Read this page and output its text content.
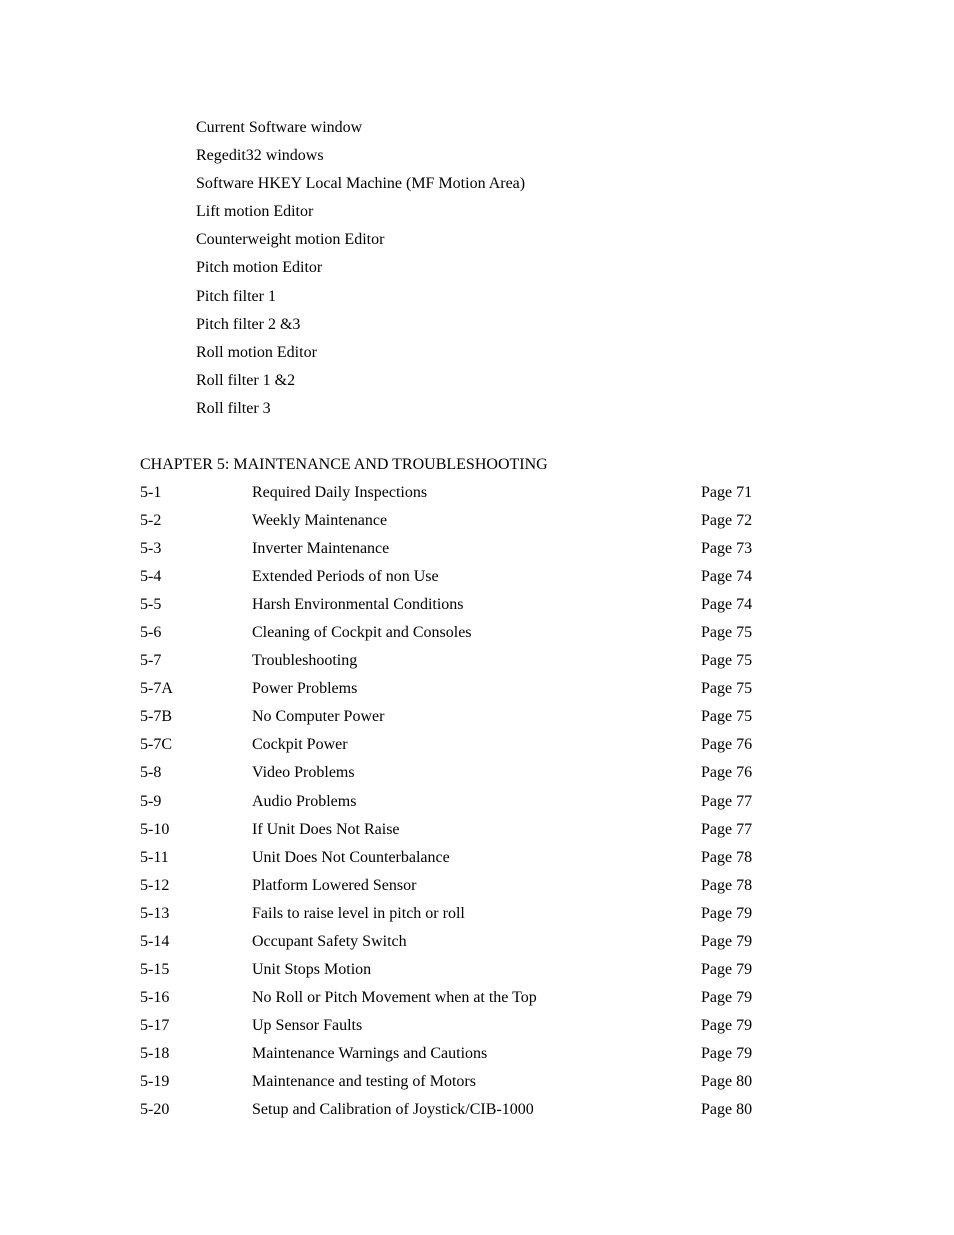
Current Software window
Regedit32 windows
Software HKEY Local Machine (MF Motion Area)
Lift motion Editor
Counterweight motion Editor
Pitch motion Editor
Pitch filter 1
Pitch filter 2 &3
Roll motion Editor
Roll filter 1 &2
Roll filter 3
CHAPTER 5: MAINTENANCE AND TROUBLESHOOTING
5-1	Required Daily Inspections	Page 71
5-2	Weekly Maintenance	Page 72
5-3	Inverter Maintenance	Page 73
5-4	Extended Periods of non Use	Page 74
5-5	Harsh Environmental Conditions	Page 74
5-6	Cleaning of Cockpit and Consoles	Page 75
5-7	Troubleshooting	Page 75
5-7A	Power Problems	Page 75
5-7B	No Computer Power	Page 75
5-7C	Cockpit Power	Page 76
5-8	Video Problems	Page 76
5-9	Audio Problems	Page 77
5-10	If Unit Does Not Raise	Page 77
5-11	Unit Does Not Counterbalance	Page 78
5-12	Platform Lowered Sensor	Page 78
5-13	Fails to raise level in pitch or roll	Page 79
5-14	Occupant Safety Switch	Page 79
5-15	Unit Stops Motion	Page 79
5-16	No Roll or Pitch Movement when at the Top	Page 79
5-17	Up Sensor Faults	Page 79
5-18	Maintenance Warnings and Cautions	Page 79
5-19	Maintenance and testing of Motors	Page 80
5-20	Setup and Calibration of Joystick/CIB-1000	Page 80
